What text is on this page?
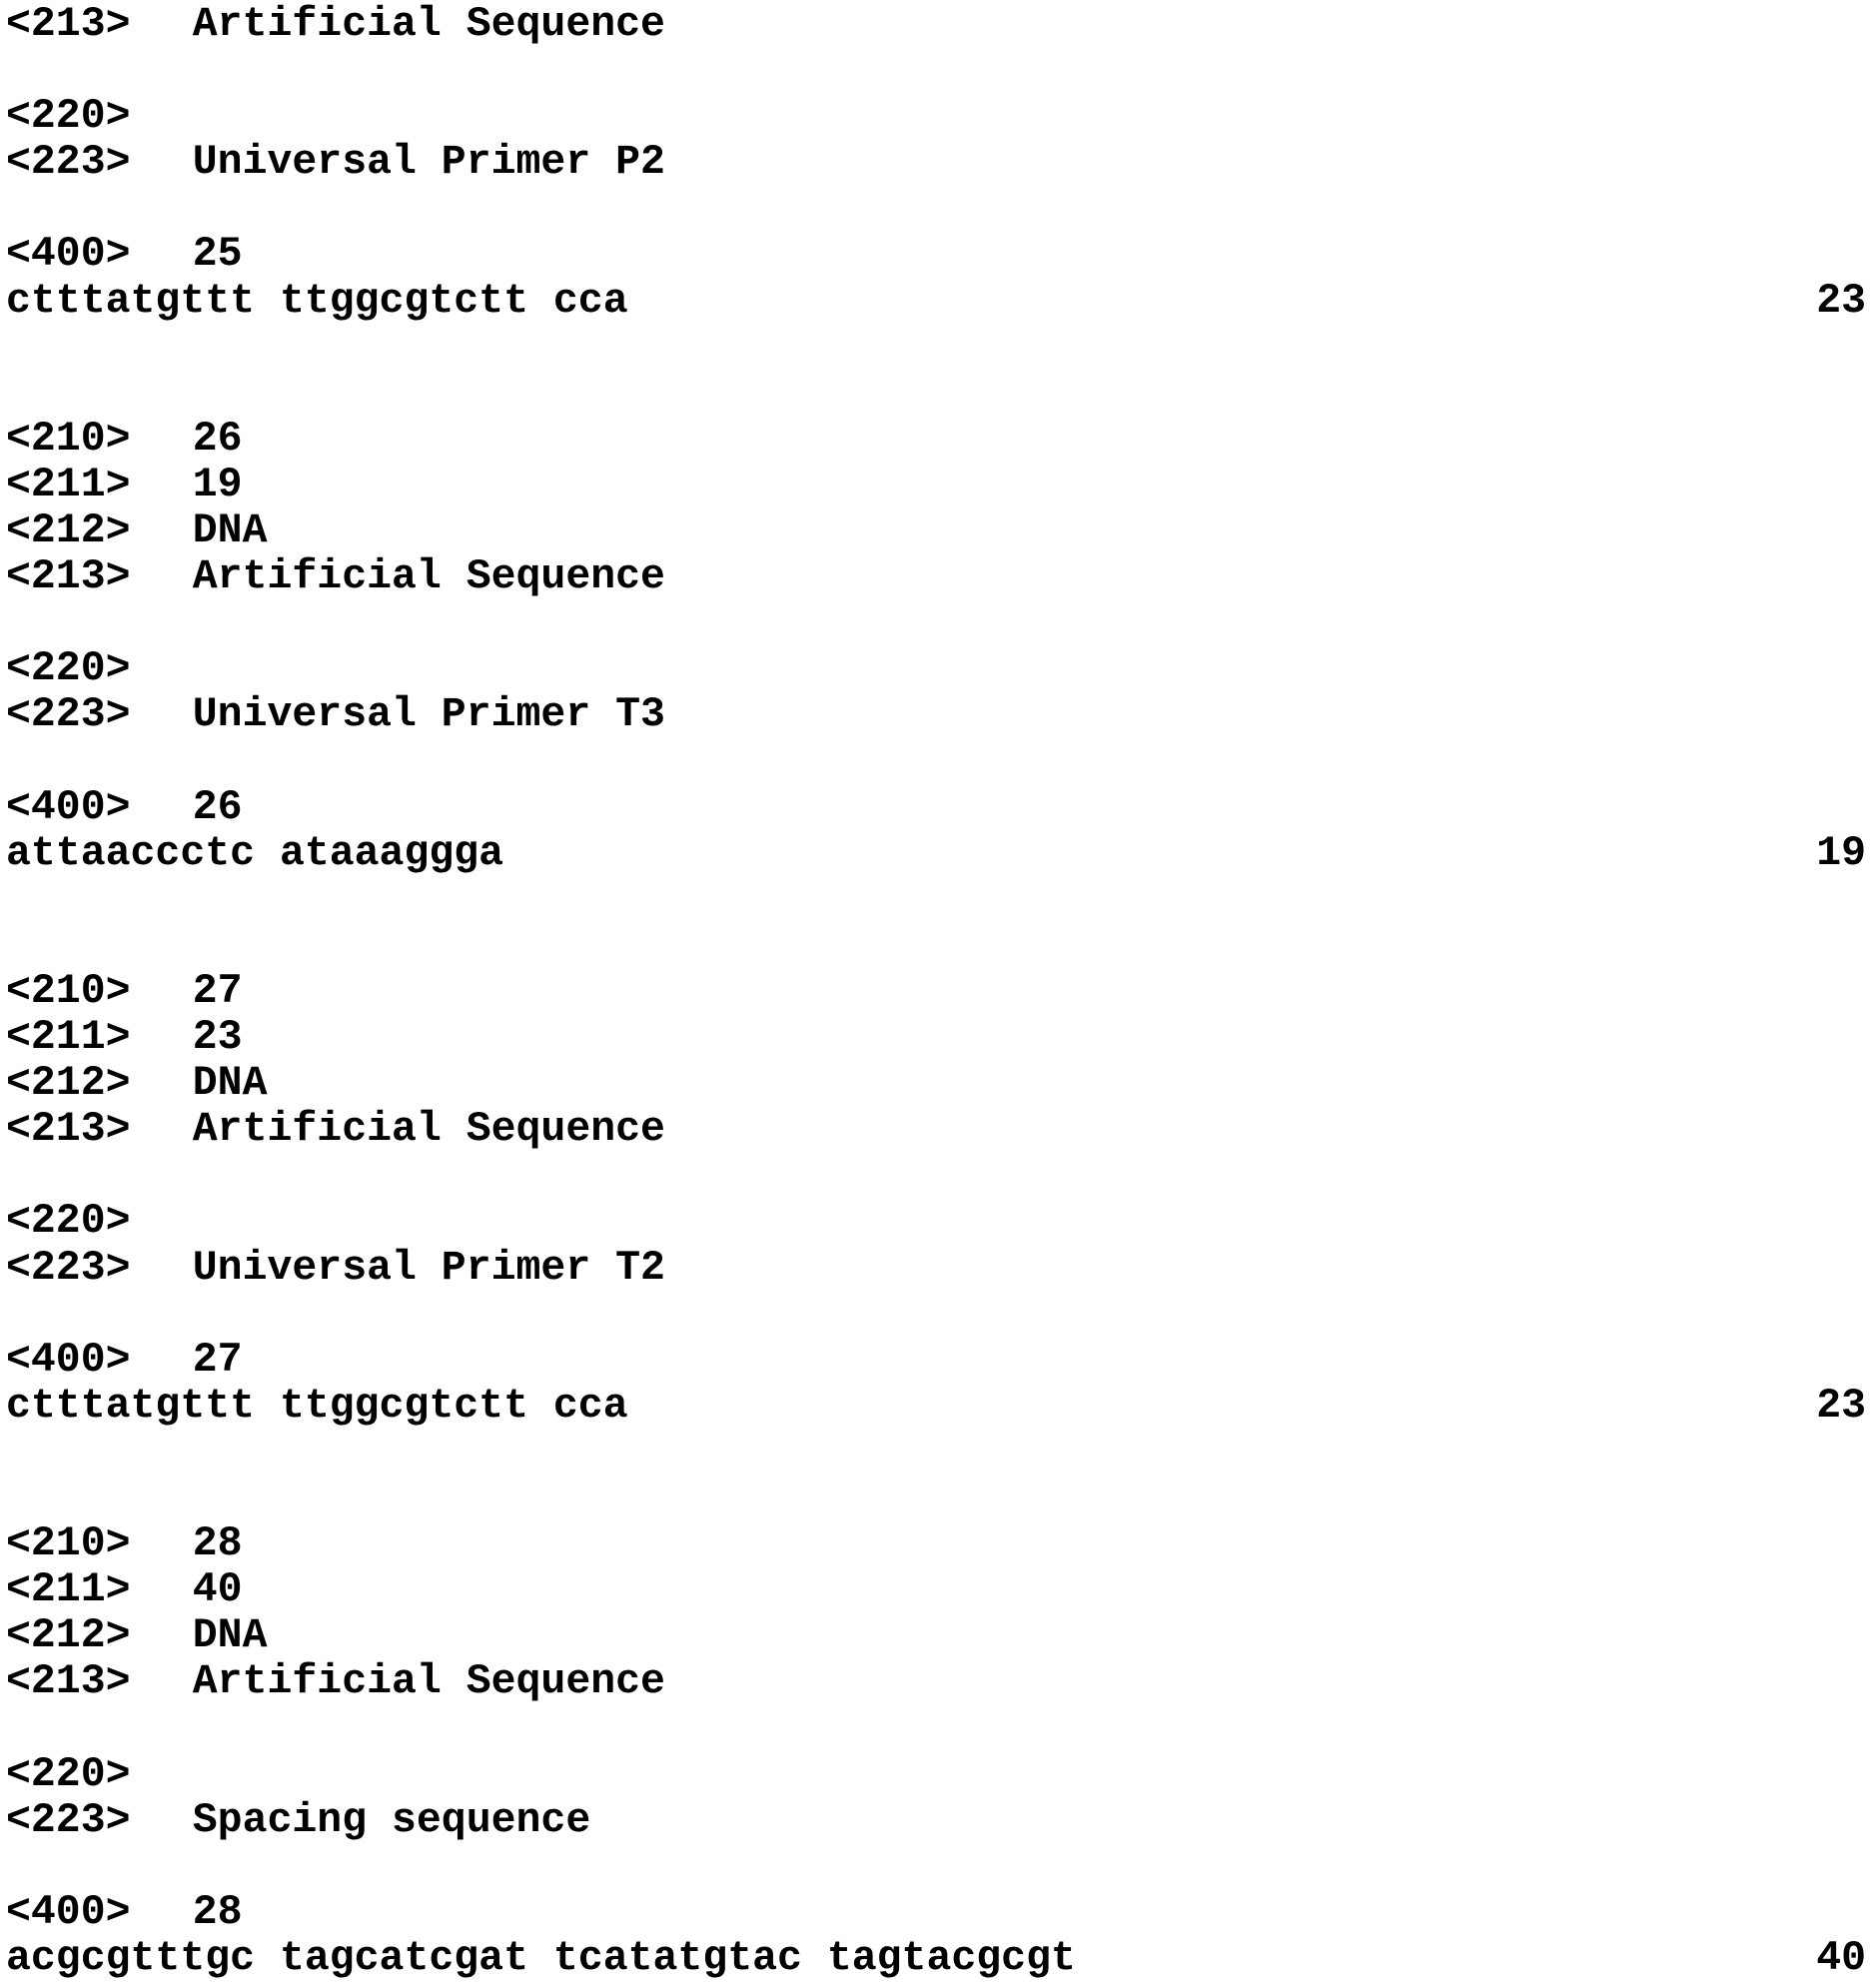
<213> Artificial Sequence
<220>
<223> Universal Primer P2
<400> 25
ctttatgttt ttggcgtctt cca	23
<210> 26
<211> 19
<212> DNA
<213> Artificial Sequence
<220>
<223> Universal Primer T3
<400> 26
attaaccctc ataaaggga	19
<210> 27
<211> 23
<212> DNA
<213> Artificial Sequence
<220>
<223> Universal Primer T2
<400> 27
ctttatgttt ttggcgtctt cca	23
<210> 28
<211> 40
<212> DNA
<213> Artificial Sequence
<220>
<223> Spacing sequence
<400> 28
acgcgtttgc tagcatcgat tcatatgtac tagtacgcgt	40
